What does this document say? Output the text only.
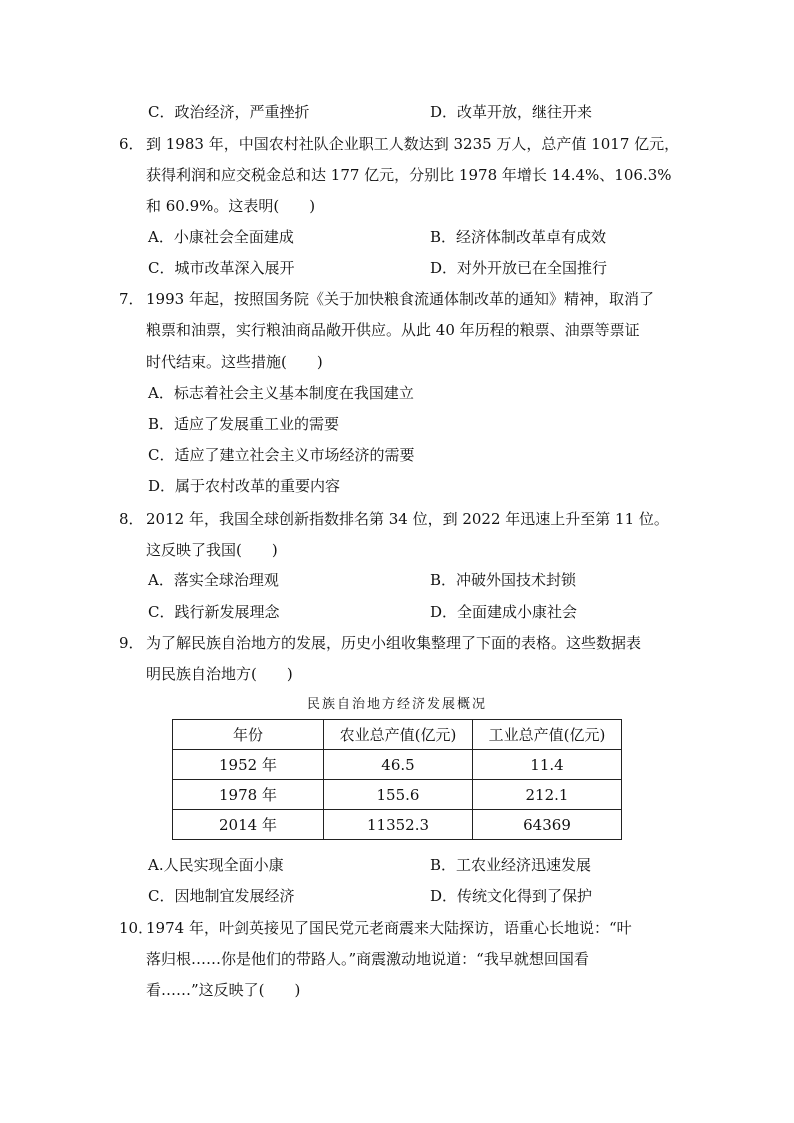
C．政治经济，严重挫折	D．改革开放，继往开来
6． 到 1983 年，中国农村社队企业职工人数达到 3235 万人，总产值 1017 亿元，
获得利润和应交税金总和达 177 亿元，分别比 1978 年增长 14.4%、106.3%
和 60.9%。这表明(　　)
A．小康社会全面建成	B．经济体制改革卓有成效
C．城市改革深入展开	D．对外开放已在全国推行
7． 1993 年起，按照国务院《关于加快粮食流通体制改革的通知》精神，取消了
粮票和油票，实行粮油商品敞开供应。从此 40 年历程的粮票、油票等票证
时代结束。这些措施(　　)
A．标志着社会主义基本制度在我国建立
B．适应了发展重工业的需要
C．适应了建立社会主义市场经济的需要
D．属于农村改革的重要内容
8． 2012 年，我国全球创新指数排名第 34 位，到 2022 年迅速上升至第 11 位。
这反映了我国(　　)
A．落实全球治理观	B．冲破外国技术封锁
C．践行新发展理念	D．全面建成小康社会
9． 为了解民族自治地方的发展，历史小组收集整理了下面的表格。这些数据表
明民族自治地方(　　)
民族自治地方经济发展概况
年份	农业总产值(亿元)	工业总产值(亿元)
1952 年	46.5	11.4
1978 年	155.6	212.1
2014 年	11352.3	64369
A.人民实现全面小康	B．工农业经济迅速发展
C．因地制宜发展经济	D．传统文化得到了保护
10．
1974 年，叶剑英接见了国民党元老商震来大陆探访，语重心长地说：“叶
落归根……你是他们的带路人。”商震激动地说道：“我早就想回国看
看……”这反映了(　　)
